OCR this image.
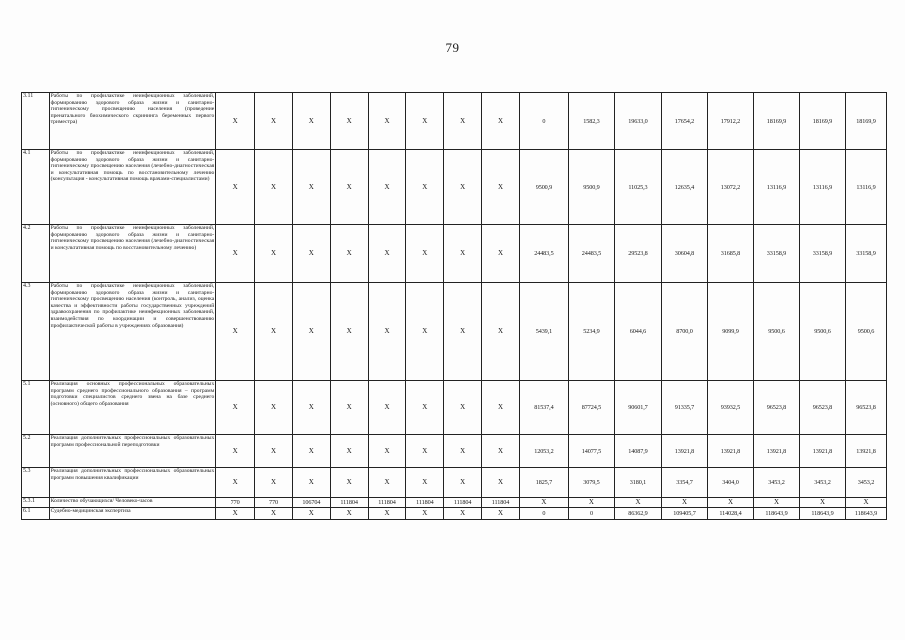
79
3.11	Работы по профилактике неинфекционных заболеваний, формированию здорового образа жизни и санитарно-гигиеническому просвещению населения (проведение пренатального биохимического скрининга беременных первого триместра)	X	X	X	X	X	X	X	X	0	1582,3	19633,0	17654,2	17912,2	18169,9	18169,9	18169,9
4.1	Работы по профилактике неинфекционных заболеваний, формированию здорового образа жизни и санитарно-гигиеническому просвещению населения (лечебно-диагностическая и консультативная помощь по восстановительному лечению (консультация - консультативная помощь врачами-специалистами)	X	X	X	X	X	X	X	X	9500,9	9500,9	11025,3	12635,4	13072,2	13116,9	13116,9	13116,9
4.2	Работы по профилактике неинфекционных заболеваний, формированию здорового образа жизни и санитарно-гигиеническому просвещению населения (лечебно-диагностическая и консультативная помощь по восстановительному лечению)	X	X	X	X	X	X	X	X	24483,5	24483,5	29523,8	30604,8	31685,8	33158,9	33158,9	33158,9
4.3	Работы по профилактике неинфекционных заболеваний, формированию здорового образа жизни и санитарно-гигиеническому просвещению населения (контроль, анализ, оценка качества и эффективности работы государственных учреждений здравоохранения по профилактике неинфекционных заболеваний, взаимодействия по координации и совершенствованию профилактической работы в учреждениях образования)	X	X	X	X	X	X	X	X	5439,1	5234,9	6044,6	8700,0	9099,9	9500,6	9500,6	9500,6
5.1	Реализация основных профессиональных образовательных программ среднего профессионального образования – программ подготовки специалистов среднего звена на базе среднего (основного) общего образования	X	X	X	X	X	X	X	X	81537,4	87724,5	90601,7	91335,7	93932,5	96523,8	96523,8	96523,8
5.2	Реализация дополнительных профессиональных образовательных программ профессиональной переподготовки	X	X	X	X	X	X	X	X	12053,2	14077,5	14087,9	13921,8	13921,8	13921,8	13921,8	13921,8
5.3	Реализация дополнительных профессиональных образовательных программ повышения квалификации	X	X	X	X	X	X	X	X	1825,7	3079,5	3180,1	3354,7	3404,0	3453,2	3453,2	3453,2
5.3.1	Количество обучающихся/ Человеко-часов	770	770	106704	111804	111804	111804	111804	111804	X	X	X	X	X	X	X	X
6.1	Судебно-медицинская экспертиза	X	X	X	X	X	X	X	X	0	0	86362,9	109405,7	114028,4	118643,9	118643,9	118643,9
